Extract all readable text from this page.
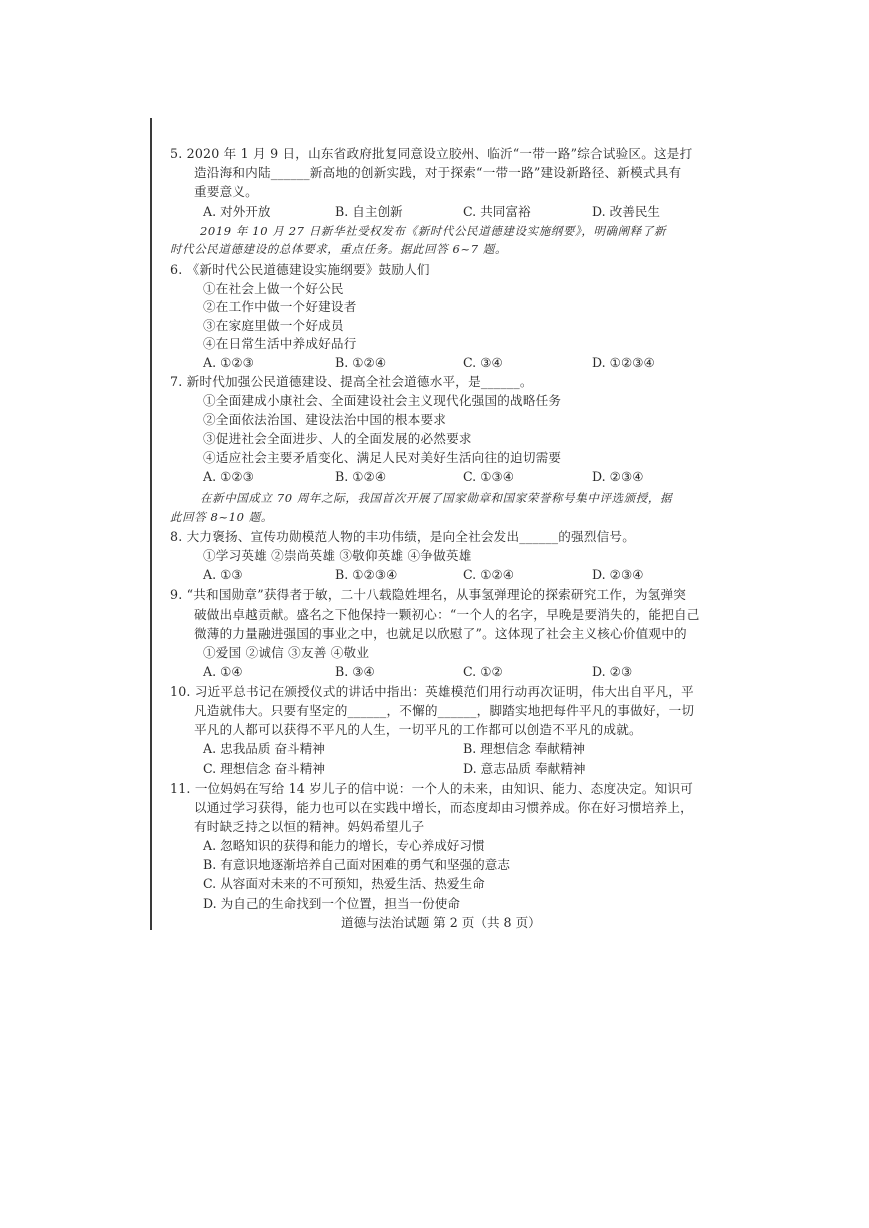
5. 2020 年 1 月 9 日，山东省政府批复同意设立胶州、临沂“一带一路”综合试验区。这是打
造沿海和内陆______新高地的创新实践，对于探索“一带一路”建设新路径、新模式具有
重要意义。
A. 对外开放	B. 自主创新	C. 共同富裕	D. 改善民生
2019 年 10 月 27 日新华社受权发布《新时代公民道德建设实施纲要》，明确阐释了新
时代公民道德建设的总体要求，重点任务。据此回答 6~7 题。
6. 《新时代公民道德建设实施纲要》鼓励人们
①在社会上做一个好公民
②在工作中做一个好建设者
③在家庭里做一个好成员
④在日常生活中养成好品行
A. ①②③	B. ①②④	C. ③④	D. ①②③④
7. 新时代加强公民道德建设、提高全社会道德水平，是______。
①全面建成小康社会、全面建设社会主义现代化强国的战略任务
②全面依法治国、建设法治中国的根本要求
③促进社会全面进步、人的全面发展的必然要求
④适应社会主要矛盾变化、满足人民对美好生活向往的迫切需要
A. ①②③	B. ①②④	C. ①③④	D. ②③④
在新中国成立 70 周年之际，我国首次开展了国家勋章和国家荣誉称号集中评选颁授，据
此回答 8~10 题。
8. 大力褒扬、宣传功勋模范人物的丰功伟绩，是向全社会发出______的强烈信号。
①学习英雄 ②崇尚英雄 ③敬仰英雄 ④争做英雄
A. ①③	B. ①②③④	C. ①②④	D. ②③④
9. “共和国勋章”获得者于敏，二十八载隐姓埋名，从事氢弹理论的探索研究工作，为氢弹突
破做出卓越贡献。盛名之下他保持一颗初心：“一个人的名字，早晚是要消失的，能把自己
微薄的力量融进强国的事业之中，也就足以欣慰了”。这体现了社会主义核心价值观中的
①爱国 ②诚信 ③友善 ④敬业
A. ①④	B. ③④	C. ①②	D. ②③
10. 习近平总书记在颁授仪式的讲话中指出：英雄模范们用行动再次证明，伟大出自平凡，平
凡造就伟大。只要有坚定的______，不懈的______，脚踏实地把每件平凡的事做好，一切
平凡的人都可以获得不平凡的人生，一切平凡的工作都可以创造不平凡的成就。
A. 忠我品质 奋斗精神	B. 理想信念 奉献精神
C. 理想信念 奋斗精神	D. 意志品质 奉献精神
11. 一位妈妈在写给 14 岁儿子的信中说：一个人的未来，由知识、能力、态度决定。知识可
以通过学习获得，能力也可以在实践中增长，而态度却由习惯养成。你在好习惯培养上，
有时缺乏持之以恒的精神。妈妈希望儿子
A. 忽略知识的获得和能力的增长，专心养成好习惯
B. 有意识地逐渐培养自己面对困难的勇气和坚强的意志
C. 从容面对未来的不可预知，热爱生活、热爱生命
D. 为自己的生命找到一个位置，担当一份使命
道德与法治试题 第 2 页（共 8 页）
